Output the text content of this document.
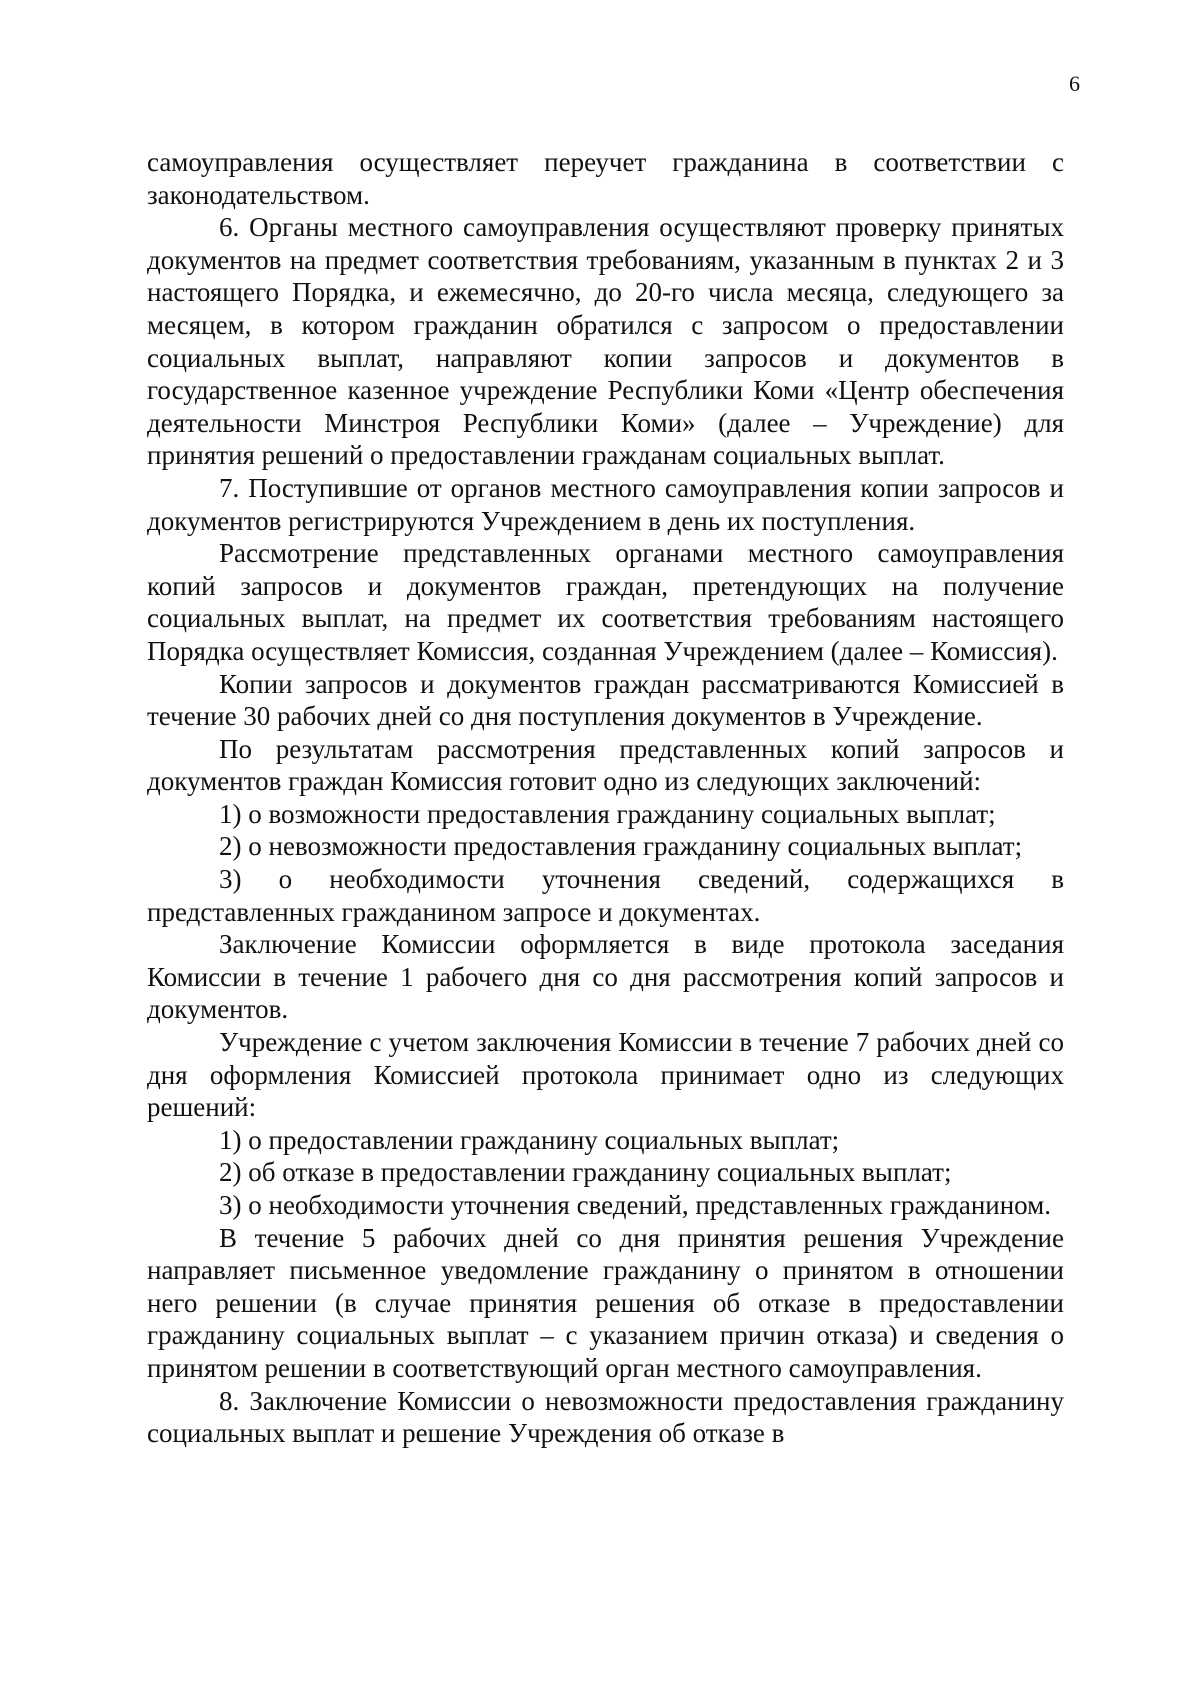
6

самоуправления осуществляет переучет гражданина в соответствии с законодательством.

6. Органы местного самоуправления осуществляют проверку принятых документов на предмет соответствия требованиям, указанным в пунктах 2 и 3 настоящего Порядка, и ежемесячно, до 20-го числа месяца, следующего за месяцем, в котором гражданин обратился с запросом о предоставлении социальных выплат, направляют копии запросов и документов в государственное казенное учреждение Республики Коми «Центр обеспечения деятельности Минстроя Республики Коми» (далее – Учреждение) для принятия решений о предоставлении гражданам социальных выплат.

7. Поступившие от органов местного самоуправления копии запросов и документов регистрируются Учреждением в день их поступления.

Рассмотрение представленных органами местного самоуправления копий запросов и документов граждан, претендующих на получение социальных выплат, на предмет их соответствия требованиям настоящего Порядка осуществляет Комиссия, созданная Учреждением (далее – Комиссия).

Копии запросов и документов граждан рассматриваются Комиссией в течение 30 рабочих дней со дня поступления документов в Учреждение.

По результатам рассмотрения представленных копий запросов и документов граждан Комиссия готовит одно из следующих заключений:

1) о возможности предоставления гражданину социальных выплат;

2) о невозможности предоставления гражданину социальных выплат;

3) о необходимости уточнения сведений, содержащихся в представленных гражданином запросе и документах.

Заключение Комиссии оформляется в виде протокола заседания Комиссии в течение 1 рабочего дня со дня рассмотрения копий запросов и документов.

Учреждение с учетом заключения Комиссии в течение 7 рабочих дней со дня оформления Комиссией протокола принимает одно из следующих решений:

1) о предоставлении гражданину социальных выплат;

2) об отказе в предоставлении гражданину социальных выплат;

3) о необходимости уточнения сведений, представленных гражданином.

В течение 5 рабочих дней со дня принятия решения Учреждение направляет письменное уведомление гражданину о принятом в отношении него решении (в случае принятия решения об отказе в предоставлении гражданину социальных выплат – с указанием причин отказа) и сведения о принятом решении в соответствующий орган местного самоуправления.

8. Заключение Комиссии о невозможности предоставления гражданину социальных выплат и решение Учреждения об отказе в
